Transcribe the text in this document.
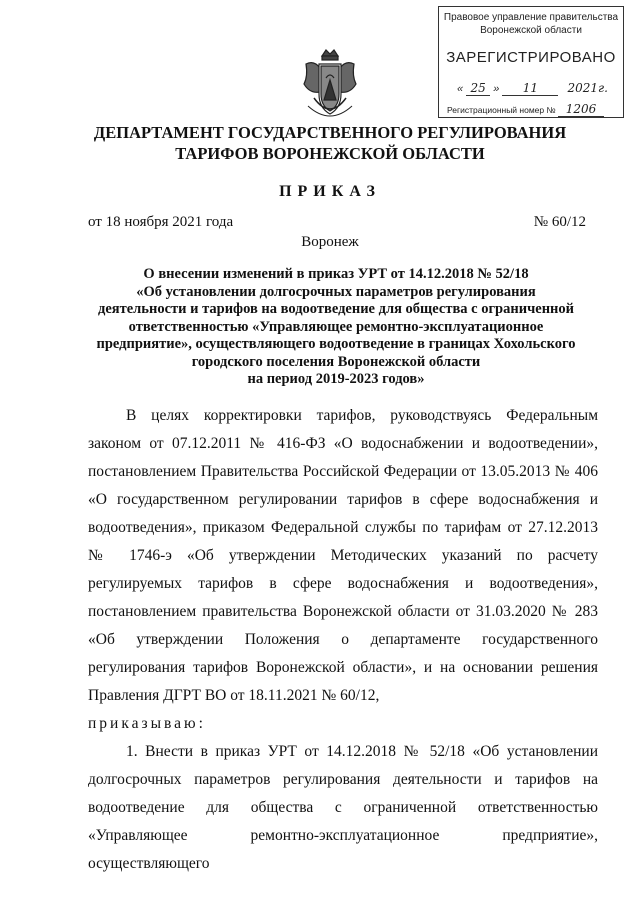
Правовое управление правительства
Воронежской области
ЗАРЕГИСТРИРОВАНО
« 25 » 11 2021г.
Регистрационный номер № 1206
ДЕПАРТАМЕНТ ГОСУДАРСТВЕННОГО РЕГУЛИРОВАНИЯ
ТАРИФОВ ВОРОНЕЖСКОЙ ОБЛАСТИ
ПРИКАЗ
от 18 ноября 2021 года	№ 60/12
Воронеж
О внесении изменений в приказ УРТ от 14.12.2018 № 52/18
«Об установлении долгосрочных параметров регулирования
деятельности и тарифов на водоотведение для общества с ограниченной
ответственностью «Управляющее ремонтно-эксплуатационное
предприятие», осуществляющего водоотведение в границах Хохольского
городского поселения Воронежской области
на период 2019-2023 годов»

В целях корректировки тарифов, руководствуясь Федеральным законом от 07.12.2011 № 416-ФЗ «О водоснабжении и водоотведении», постановлением Правительства Российской Федерации от 13.05.2013 № 406 «О государственном регулировании тарифов в сфере водоснабжения и водоотведения», приказом Федеральной службы по тарифам от 27.12.2013 № 1746-э «Об утверждении Методических указаний по расчету регулируемых тарифов в сфере водоснабжения и водоотведения», постановлением правительства Воронежской области от 31.03.2020 № 283 «Об утверждении Положения о департаменте государственного регулирования тарифов Воронежской области», и на основании решения Правления ДГРТ ВО от 18.11.2021 № 60/12,

приказываю:

1. Внести в приказ УРТ от 14.12.2018 № 52/18 «Об установлении долгосрочных параметров регулирования деятельности и тарифов на водоотведение для общества с ограниченной ответственностью «Управляющее ремонтно-эксплуатационное предприятие», осуществляющего
